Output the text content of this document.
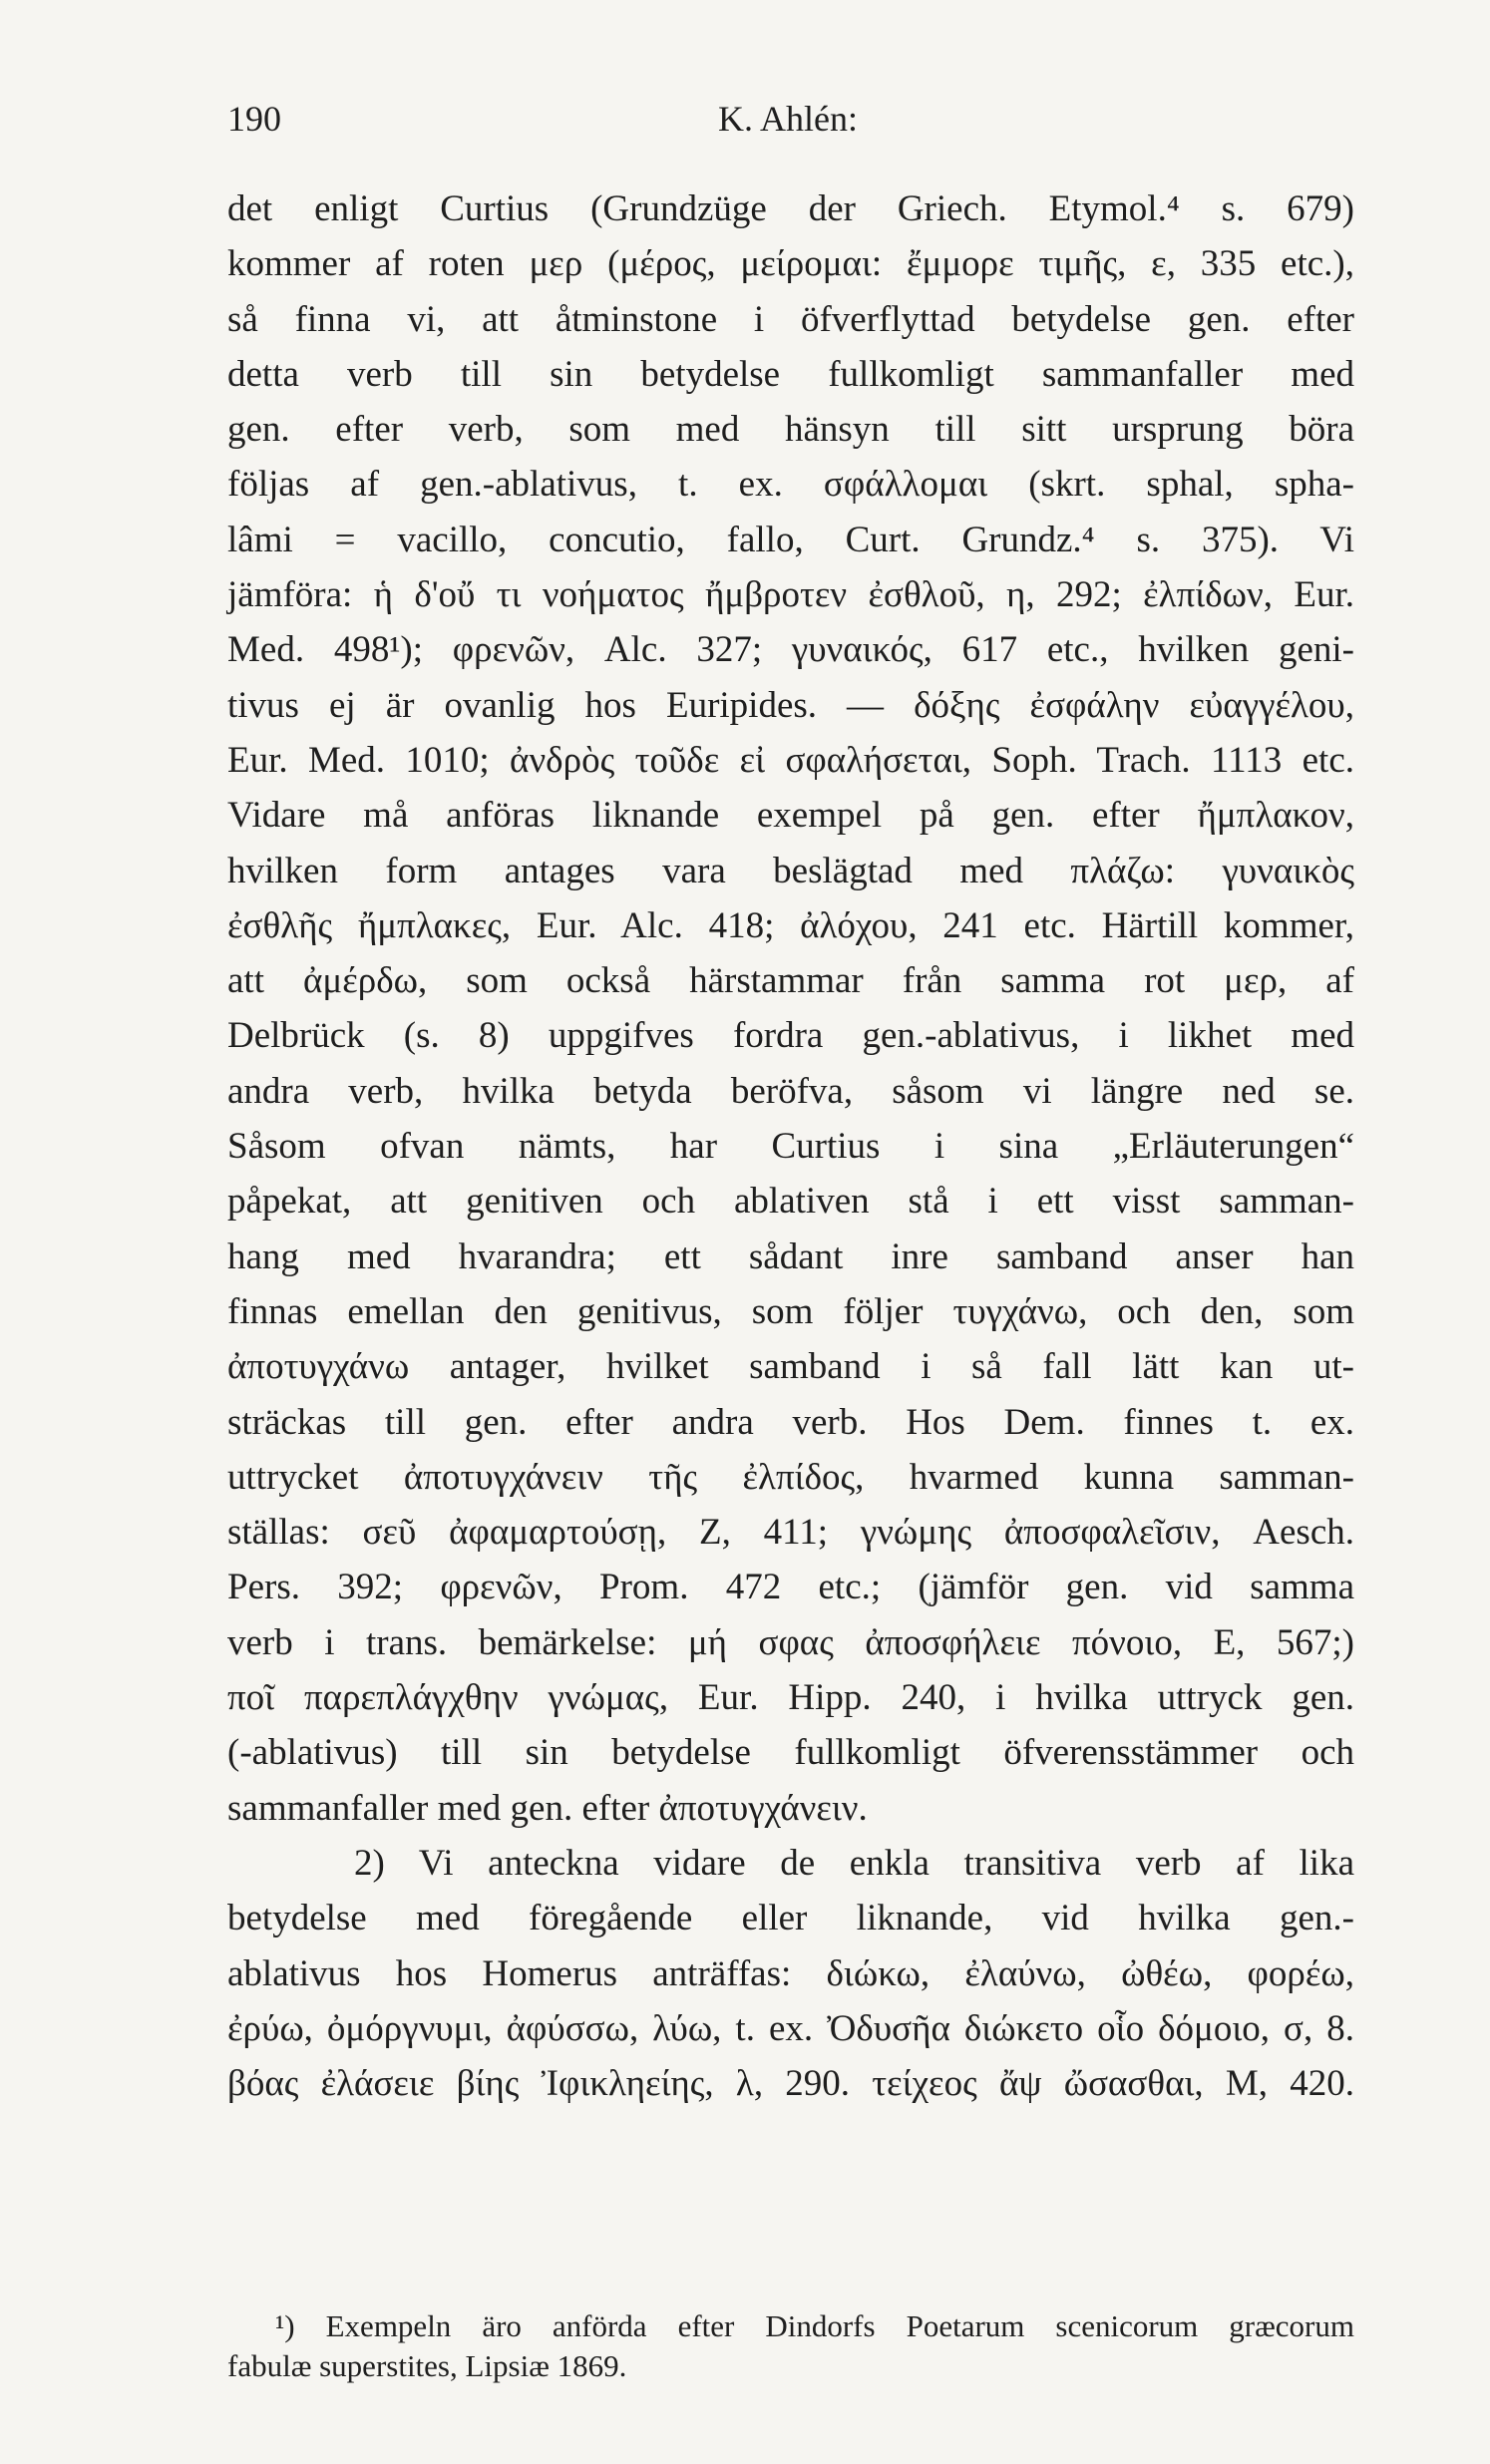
190	K. Ahlén:
det enligt Curtius (Grundzüge der Griech. Etymol.⁴ s. 679)
kommer af roten μερ (μέρος, μείρομαι: ἔμμορε τιμῆς, ε, 335 etc.),
så finna vi, att åtminstone i öfverflyttad betydelse gen. efter
detta verb till sin betydelse fullkomligt sammanfaller med
gen. efter verb, som med hänsyn till sitt ursprung böra
följas af gen.-ablativus, t. ex. σφάλλομαι (skrt. sphal, spha-
lâmi = vacillo, concutio, fallo, Curt. Grundz.⁴ s. 375). Vi
jämföra: ἡ δ'οὔ τι νοήματος ἤμβροτεν ἐσθλοῦ, η, 292; ἐλπίδων, Eur.
Med. 498¹); φρενῶν, Alc. 327; γυναικός, 617 etc., hvilken geni-
tivus ej är ovanlig hos Euripides. — δόξης ἐσφάλην εὐαγγέλου,
Eur. Med. 1010; ἀνδρὸς τοῦδε εἰ σφαλήσεται, Soph. Trach. 1113 etc.
Vidare må anföras liknande exempel på gen. efter ἤμπλακον,
hvilken form antages vara beslägtad med πλάζω: γυναικὸς
ἐσθλῆς ἤμπλακες, Eur. Alc. 418; ἀλόχου, 241 etc. Härtill kommer,
att ἀμέρδω, som också härstammar från samma rot μερ, af
Delbrück (s. 8) uppgifves fordra gen.-ablativus, i likhet med
andra verb, hvilka betyda beröfva, såsom vi längre ned se.
Såsom ofvan nämts, har Curtius i sina „Erläuterungen“
påpekat, att genitiven och ablativen stå i ett visst samman-
hang med hvarandra; ett sådant inre samband anser han
finnas emellan den genitivus, som följer τυγχάνω, och den, som
ἀποτυγχάνω antager, hvilket samband i så fall lätt kan ut-
sträckas till gen. efter andra verb. Hos Dem. finnes t. ex.
uttrycket ἀποτυγχάνειν τῆς ἐλπίδος, hvarmed kunna samman-
ställas: σεῦ ἀφαμαρτούσῃ, Ζ, 411; γνώμης ἀποσφαλεῖσιν, Aesch.
Pers. 392; φρενῶν, Prom. 472 etc.; (jämför gen. vid samma
verb i trans. bemärkelse: μή σφας ἀποσφήλειε πόνοιο, Ε, 567;)
ποῖ παρεπλάγχθην γνώμας, Eur. Hipp. 240, i hvilka uttryck gen.
(-ablativus) till sin betydelse fullkomligt öfverensstämmer och
sammanfaller med gen. efter ἀποτυγχάνειν.
2) Vi anteckna vidare de enkla transitiva verb af lika
betydelse med föregående eller liknande, vid hvilka gen.-
ablativus hos Homerus anträffas: διώκω, ἐλαύνω, ὠθέω, φορέω,
ἐρύω, ὀμόργνυμι, ἀφύσσω, λύω, t. ex. Ὀδυσῆα διώκετο οἷο δόμοιο, σ, 8.
βόας ἐλάσειε βίης Ἰφικληείης, λ, 290. τείχεος ἄψ ὤσασθαι, Μ, 420.
¹) Exempeln äro anförda efter Dindorfs Poetarum scenicorum græcorum
fabulæ superstites, Lipsiæ 1869.
